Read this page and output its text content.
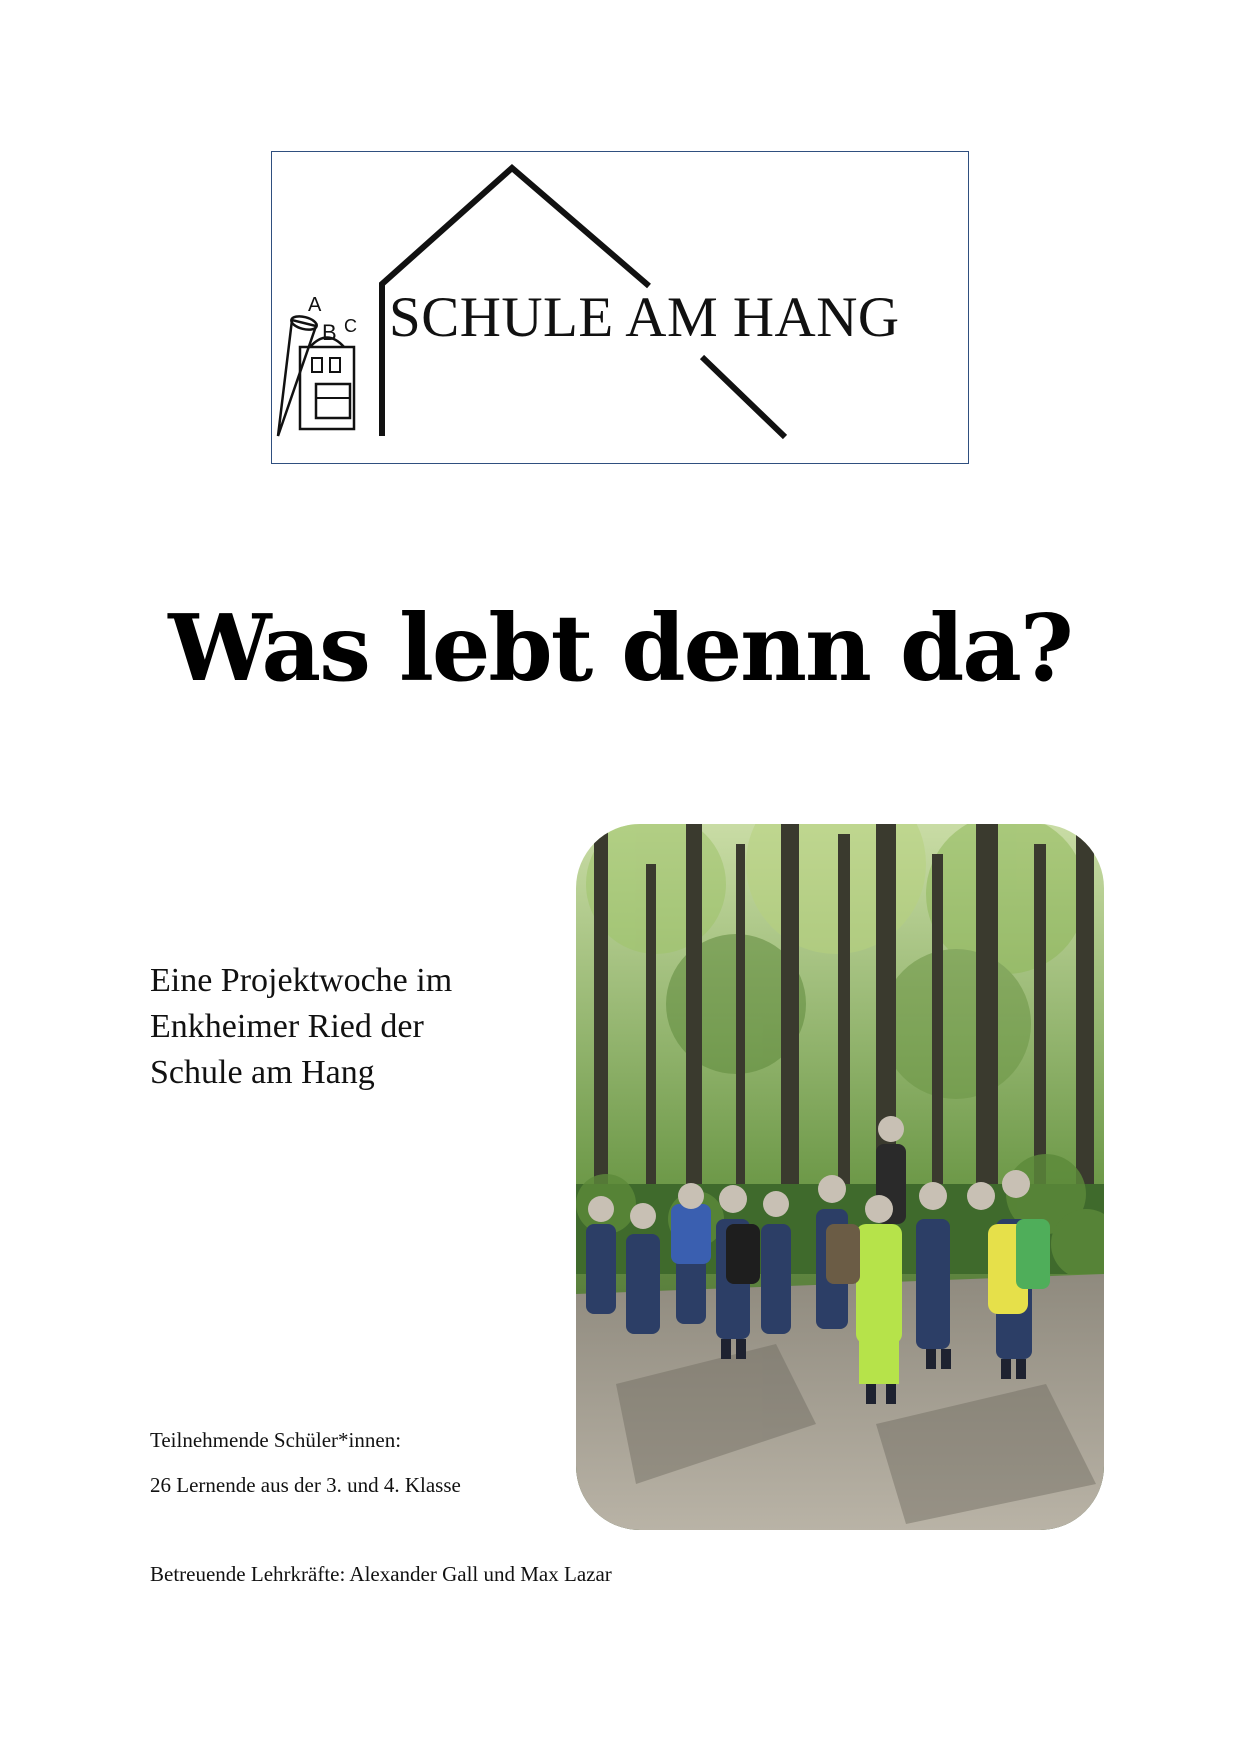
A
B C SCHULE AM HANG
Was lebt denn da?
Eine Projektwoche im
Enkheimer Ried der
Schule am Hang
Teilnehmende Schüler*innen:
26 Lernende aus der 3. und 4. Klasse
Betreuende Lehrkräfte: Alexander Gall und Max Lazar
